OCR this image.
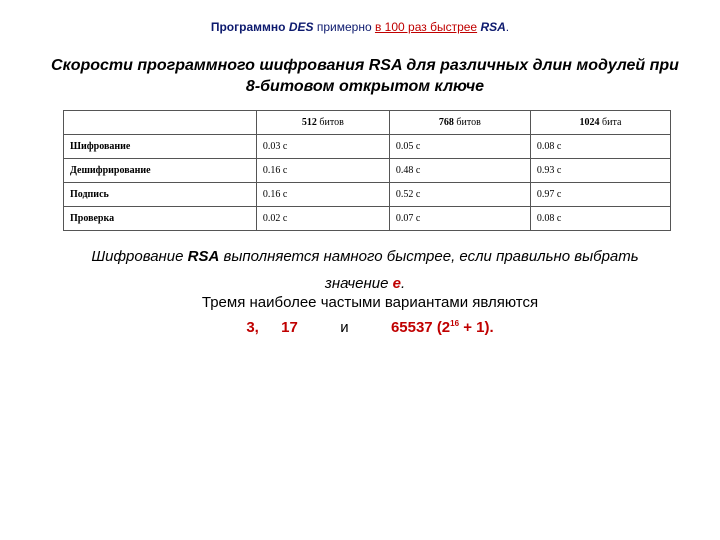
Программно DES примерно в 100 раз быстрее RSA.
Скорости программного шифрования RSA для различных длин модулей при
8-битовом открытом ключе
	512 битов	768 битов	1024 бита
Шифрование	0.03 с	0.05 с	0.08 с
Дешифрирование	0.16 с	0.48 с	0.93 с
Подпись	0.16 с	0.52 с	0.97 с
Проверка	0.02 с	0.07 с	0.08 с
Шифрование RSA выполняется намного быстрее, если правильно выбрать
значение e.
Тремя наиболее частыми вариантами являются
3, 17	и	65537 $(2^{16} + 1)$.
